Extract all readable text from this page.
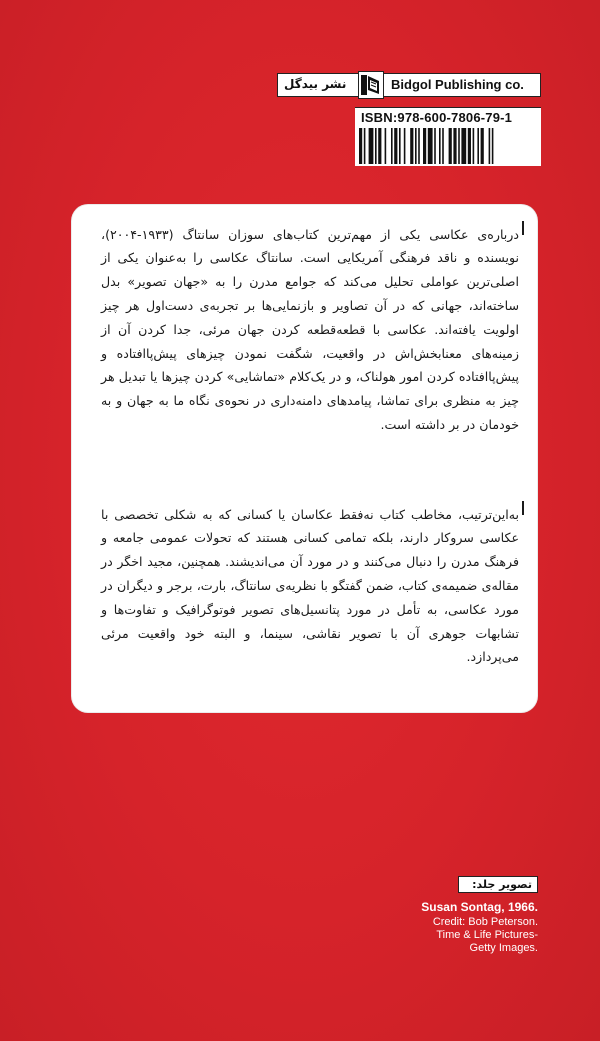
نشر بیدگل	Bidgol Publishing co.
ISBN:978-600-7806-79-1

درباره‌ی عکاسی یکی از مهم‌ترین کتاب‌های سوزان سانتاگ (۱۹۳۳-۲۰۰۴)، نویسنده و ناقد فرهنگی آمریکایی است. سانتاگ عکاسی را به‌عنوان یکی از اصلی‌ترین عواملی تحلیل می‌کند که جوامع مدرن را به «جهان تصویر» بدل ساخته‌اند، جهانی که در آن تصاویر و بازنمایی‌ها بر تجربه‌ی دست‌اول هر چیز اولویت یافته‌اند. عکاسی با قطعه‌قطعه کردن جهان مرئی، جدا کردن آن از زمینه‌های معنابخش‌اش در واقعیت، شگفت نمودن چیزهای پیش‌پاافتاده و پیش‌پاافتاده کردن امور هولناک، و در یک‌کلام «تماشایی» کردن چیزها یا تبدیل هر چیز به منظری برای تماشا، پیامدهای دامنه‌داری در نحوه‌ی نگاه ما به جهان و به خودمان در بر داشته است.

به‌این‌ترتیب، مخاطب کتاب نه‌فقط عکاسان یا کسانی که به شکلی تخصصی با عکاسی سروکار دارند، بلکه تمامی کسانی هستند که تحولات عمومی جامعه و فرهنگ مدرن را دنبال می‌کنند و در مورد آن می‌اندیشند. همچنین، مجید اخگر در مقاله‌ی ضمیمه‌ی کتاب، ضمن گفتگو با نظریه‌ی سانتاگ، بارت، برجر و دیگران در مورد عکاسی، به تأمل در مورد پتانسیل‌های تصویر فوتوگرافیک و تفاوت‌ها و تشابهات جوهری آن با تصویر نقاشی، سینما، و البته خود واقعیت مرئی می‌پردازد.

تصویر جلد:
Susan Sontag, 1966.
Credit: Bob Peterson.
Time & Life Pictures-
Getty Images.
